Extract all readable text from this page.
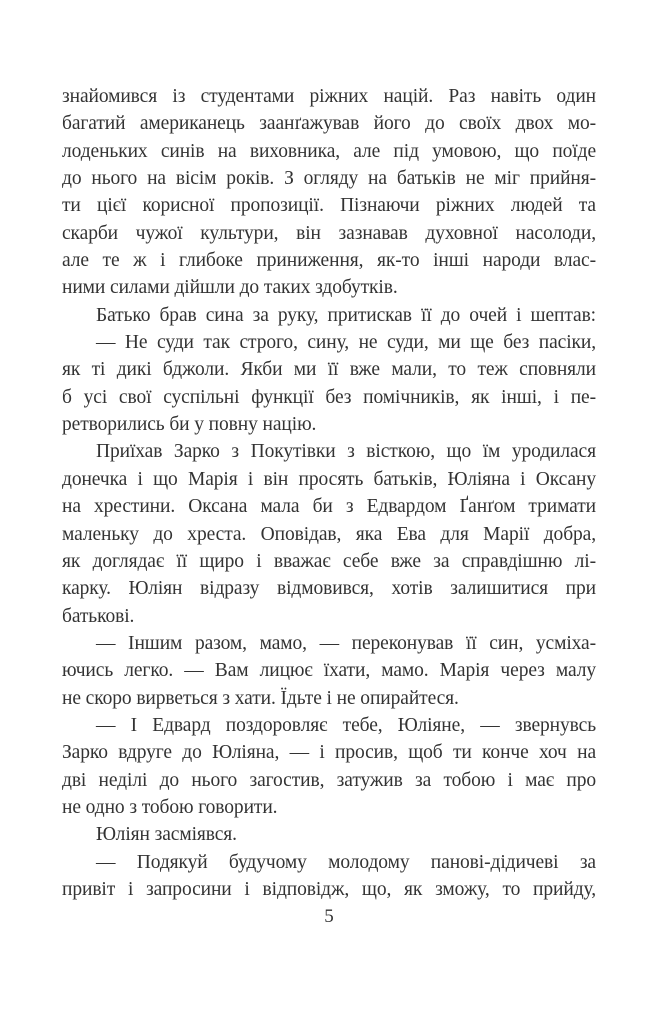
знайомився із студентами ріжних націй. Раз навіть один
багатий американець заанґажував його до своїх двох мо-
лоденьких синів на виховника, але під умовою, що поїде
до нього на вісім років. З огляду на батьків не міг прийня-
ти цієї корисної пропозиції. Пізнаючи ріжних людей та
скарби чужої культури, він зазнавав духовної насолоди,
але те ж і глибоке приниження, як-то інші народи влас-
ними силами дійшли до таких здобутків.
Батько брав сина за руку, притискав її до очей і шептав:
— Не суди так строго, сину, не суди, ми ще без пасіки,
як ті дикі бджоли. Якби ми її вже мали, то теж сповняли
б усі свої суспільні функції без помічників, як інші, і пе-
ретворились би у повну націю.
Приїхав Зарко з Покутівки з вісткою, що їм уродилася
донечка і що Марія і він просять батьків, Юліяна і Оксану
на хрестини. Оксана мала би з Едвардом Ґанґом тримати
маленьку до хреста. Оповідав, яка Ева для Марії добра,
як доглядає її щиро і вважає себе вже за справдішню лі-
карку. Юліян відразу відмовився, хотів залишитися при
батькові.
— Іншим разом, мамо, — переконував її син, усміха-
ючись легко. — Вам лицює їхати, мамо. Марія через малу
не скоро вирветься з хати. Їдьте і не опирайтеся.
— І Едвард поздоровляє тебе, Юліяне, — звернувсь
Зарко вдруге до Юліяна, — і просив, щоб ти конче хоч на
дві неділі до нього загостив, затужив за тобою і має про
не одно з тобою говорити.
Юліян засміявся.
— Подякуй будучому молодому панові-дідичеві за
привіт і запросини і відповідж, що, як зможу, то прийду,
5
